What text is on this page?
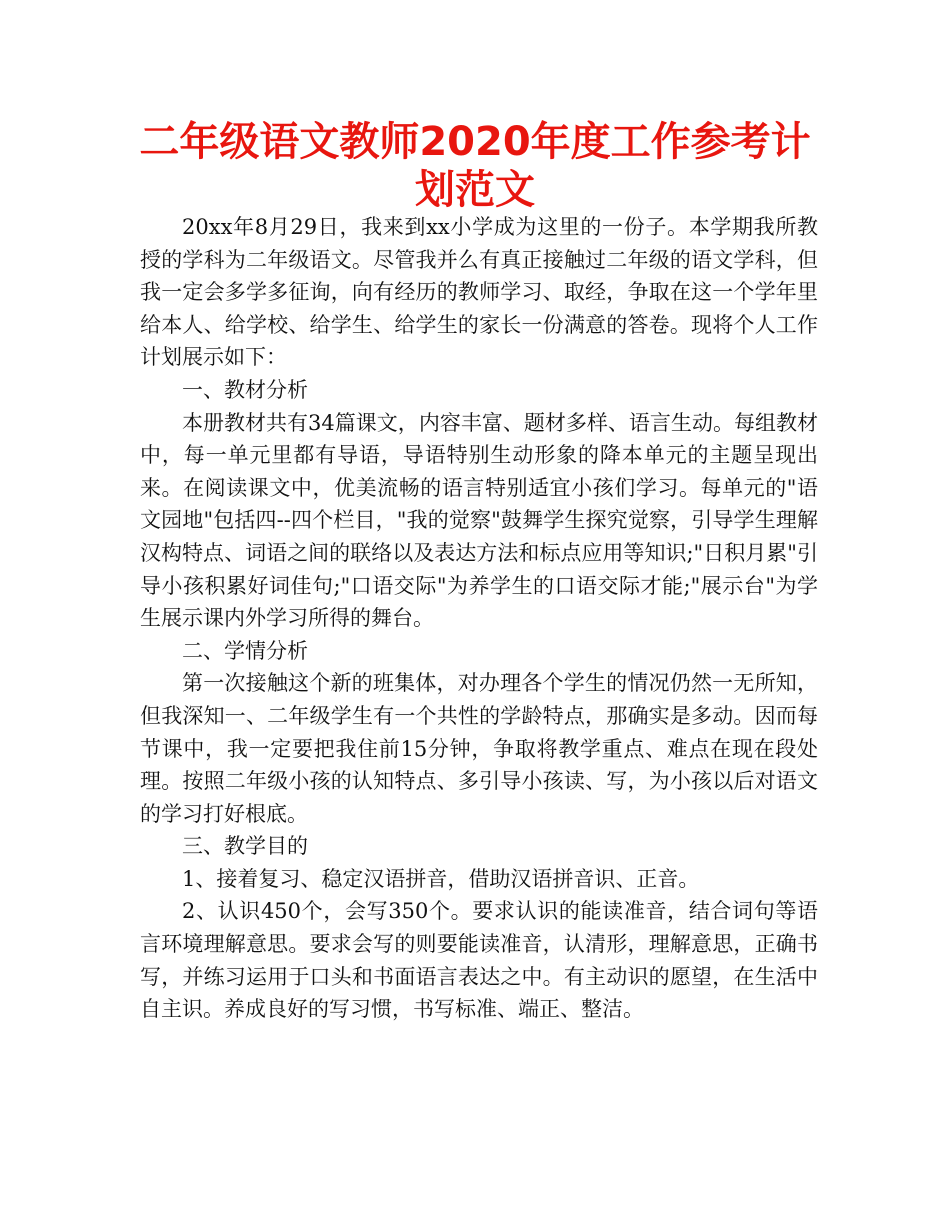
二年级语文教师2020年度工作参考计划范文

20xx年8月29日，我来到xx小学成为这里的一份子。本学期我所教授的学科为二年级语文。尽管我并么有真正接触过二年级的语文学科，但我一定会多学多征询，向有经历的教师学习、取经，争取在这一个学年里给本人、给学校、给学生、给学生的家长一份满意的答卷。现将个人工作计划展示如下：

一、教材分析

本册教材共有34篇课文，内容丰富、题材多样、语言生动。每组教材中，每一单元里都有导语，导语特别生动形象的降本单元的主题呈现出来。在阅读课文中，优美流畅的语言特别适宜小孩们学习。每单元的"语文园地"包括四--四个栏目，"我的觉察"鼓舞学生探究觉察，引导学生理解汉构特点、词语之间的联络以及表达方法和标点应用等知识;"日积月累"引导小孩积累好词佳句;"口语交际"为养学生的口语交际才能;"展示台"为学生展示课内外学习所得的舞台。

二、学情分析

第一次接触这个新的班集体，对办理各个学生的情况仍然一无所知，但我深知一、二年级学生有一个共性的学龄特点，那确实是多动。因而每节课中，我一定要把我住前15分钟，争取将教学重点、难点在现在段处理。按照二年级小孩的认知特点、多引导小孩读、写，为小孩以后对语文的学习打好根底。

三、教学目的

1、接着复习、稳定汉语拼音，借助汉语拼音识、正音。

2、认识450个，会写350个。要求认识的能读准音，结合词句等语言环境理解意思。要求会写的则要能读准音，认清形，理解意思，正确书写，并练习运用于口头和书面语言表达之中。有主动识的愿望，在生活中自主识。养成良好的写习惯，书写标准、端正、整洁。
